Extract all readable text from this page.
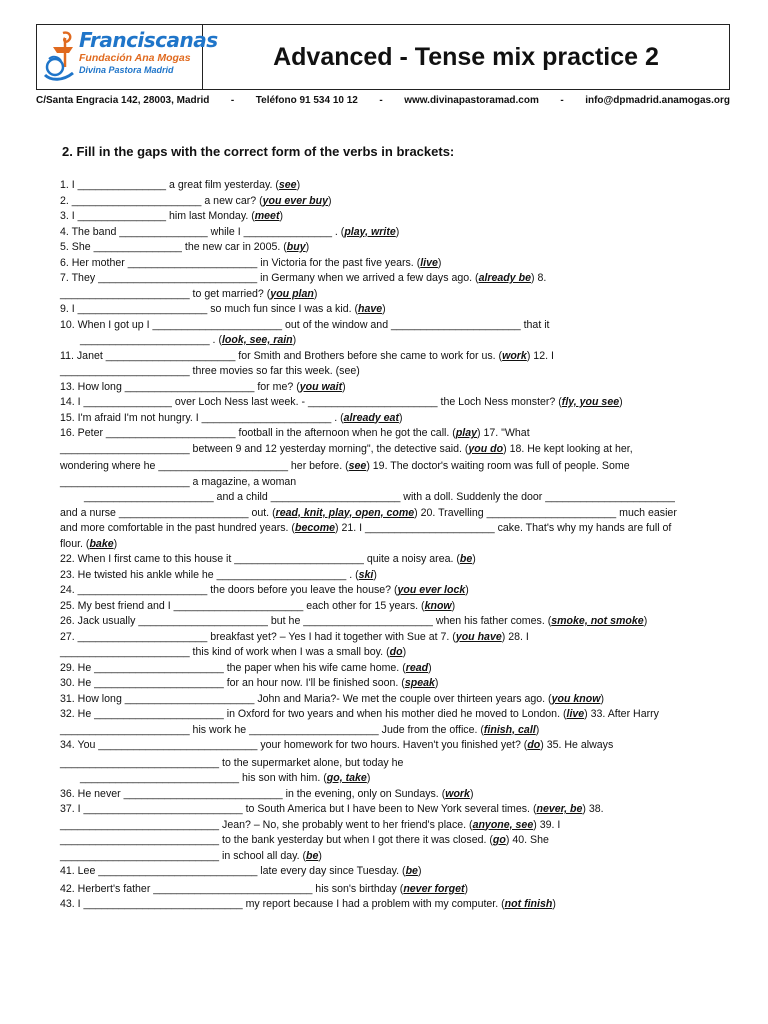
Franciscanas
Fundación Ana Mogas
Divina Pastora Madrid	Advanced - Tense mix practice 2
C/Santa Engracia 142, 28003, Madrid - Teléfono 91 534 10 12 - www.divinapastoramad.com - info@dpmadrid.anamogas.org
2. Fill in the gaps with the correct form of the verbs in brackets:
1. I _______________ a great film yesterday. (see)
2. ______________________ a new car? (you ever buy)
3. I _______________ him last Monday. (meet)
4. The band _______________ while I _______________ . (play, write)
5. She _______________ the new car in 2005. (buy)
6. Her mother ______________________ in Victoria for the past five years. (live)
7. They ___________________________ in Germany when we arrived a few days ago. (already be) 8.
______________________ to get married? (you plan)
9. I ______________________ so much fun since I was a kid. (have)
10. When I got up I ______________________ out of the window and ______________________ that it
______________________ . (look, see, rain)
11. Janet ______________________ for Smith and Brothers before she came to work for us. (work) 12. I
______________________ three movies so far this week. (see)
13. How long ______________________ for me? (you wait)
14. I _______________ over Loch Ness last week. - ______________________ the Loch Ness monster? (fly, you see)
15. I'm afraid I'm not hungry. I ______________________ . (already eat)
16. Peter ______________________ football in the afternoon when he got the call. (play) 17. "What
______________________ between 9 and 12 yesterday morning", the detective said. (you do) 18. He kept looking at her,
wondering where he ______________________ her before. (see) 19. The doctor's waiting room was full of people. Some
______________________ a magazine, a woman
______________________ and a child ______________________ with a doll. Suddenly the door ______________________
and a nurse ______________________ out. (read, knit, play, open, come) 20. Travelling ______________________ much easier
and more comfortable in the past hundred years. (become) 21. I ______________________ cake. That's why my hands are full of
flour. (bake)
22. When I first came to this house it ______________________ quite a noisy area. (be)
23. He twisted his ankle while he ______________________ . (ski)
24. ______________________ the doors before you leave the house? (you ever lock)
25. My best friend and I ______________________ each other for 15 years. (know)
26. Jack usually ______________________ but he ______________________ when his father comes. (smoke, not smoke)
27. ______________________ breakfast yet? – Yes I had it together with Sue at 7. (you have) 28. I
______________________ this kind of work when I was a small boy. (do)
29. He ______________________ the paper when his wife came home. (read)
30. He ______________________ for an hour now. I'll be finished soon. (speak)
31. How long ______________________ John and Maria?- We met the couple over thirteen years ago. (you know)
32. He ______________________ in Oxford for two years and when his mother died he moved to London. (live) 33. After Harry
______________________ his work he ______________________ Jude from the office. (finish, call)
34. You ___________________________ your homework for two hours. Haven't you finished yet? (do) 35. He always
___________________________ to the supermarket alone, but today he
___________________________ his son with him. (go, take)
36. He never ___________________________ in the evening, only on Sundays. (work)
37. I ___________________________ to South America but I have been to New York several times. (never, be) 38.
___________________________ Jean? – No, she probably went to her friend's place. (anyone, see) 39. I
___________________________ to the bank yesterday but when I got there it was closed. (go) 40. She
___________________________ in school all day. (be)
41. Lee ___________________________ late every day since Tuesday. (be)
42. Herbert's father ___________________________ his son's birthday (never forget)
43. I ___________________________ my report because I had a problem with my computer. (not finish)
